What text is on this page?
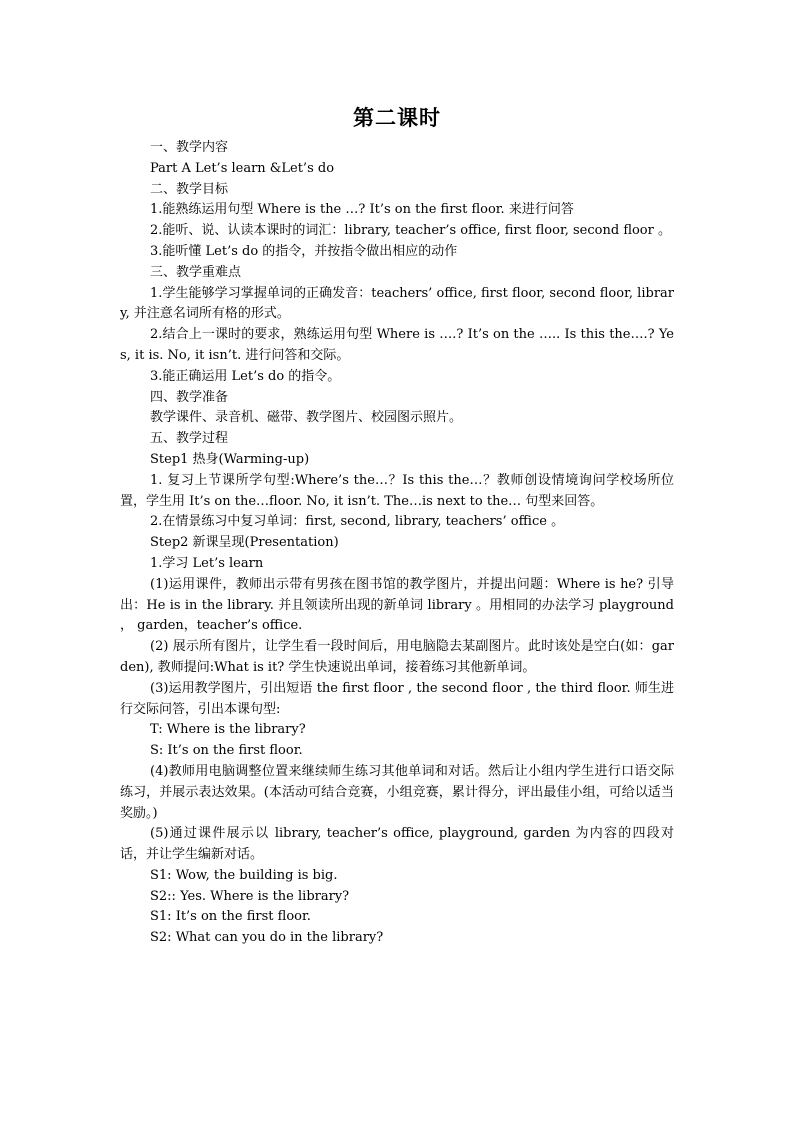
第二课时

一、教学内容

Part A Let’s learn &Let’s do

二、教学目标

1.能熟练运用句型 Where is the …? It’s on the first floor. 来进行问答

2.能听、说、认读本课时的词汇：library, teacher’s office, first floor, second floor 。

3.能听懂 Let’s do 的指令，并按指令做出相应的动作

三、教学重难点

1.学生能够学习掌握单词的正确发音：teachers’ office, first floor, second floor, library, 并注意名词所有格的形式。

2.结合上一课时的要求，熟练运用句型 Where is ….? It’s on the ….. Is this the….? Yes, it is. No, it isn’t. 进行问答和交际。

3.能正确运用 Let’s do 的指令。

四、教学准备

教学课件、录音机、磁带、教学图片、校园图示照片。

五、教学过程

Step1 热身(Warming-up)

1. 复习上节课所学句型:Where’s the…？Is this the…？教师创设情境询问学校场所位置，学生用 It’s on the…floor. No, it isn’t. The…is next to the… 句型来回答。

2.在情景练习中复习单词：first, second, library, teachers’ office 。

Step2 新课呈现(Presentation)

1.学习 Let’s learn

(1)运用课件，教师出示带有男孩在图书馆的教学图片，并提出问题：Where is he? 引导出：He is in the library. 并且领读所出现的新单词 library 。用相同的办法学习 playground ， garden，teacher’s office.

(2) 展示所有图片，让学生看一段时间后，用电脑隐去某副图片。此时该处是空白(如：garden), 教师提问:What is it? 学生快速说出单词，接着练习其他新单词。

(3)运用教学图片，引出短语 the first floor , the second floor , the third floor. 师生进行交际问答，引出本课句型:

T: Where is the library?

S: It’s on the first floor.

(4)教师用电脑调整位置来继续师生练习其他单词和对话。然后让小组内学生进行口语交际练习，并展示表达效果。(本活动可结合竞赛，小组竞赛，累计得分，评出最佳小组，可给以适当奖励。)

(5)通过课件展示以 library, teacher’s office, playground, garden 为内容的四段对话，并让学生编新对话。

S1: Wow, the building is big.

S2:: Yes. Where is the library?

S1: It’s on the first floor.

S2: What can you do in the library?
